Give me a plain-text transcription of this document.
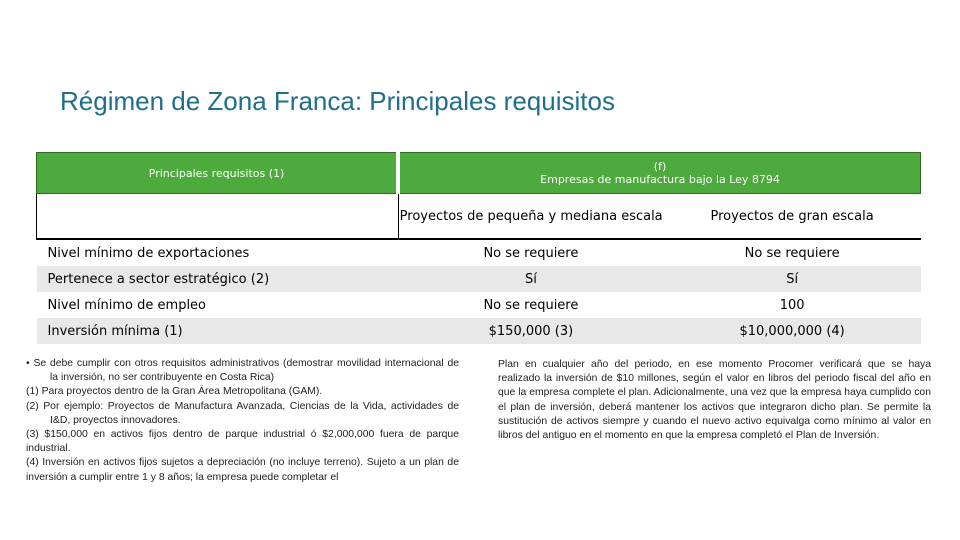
Régimen de Zona Franca: Principales requisitos
Principales requisitos (1)	(f)
Empresas de manufactura bajo la Ley 8794	

	Proyectos de pequeña y mediana escala	Proyectos de gran escala
Nivel mínimo de exportaciones	No se requiere	No se requiere
Pertenece a sector estratégico (2)	Sí	Sí
Nivel mínimo de empleo	No se requiere	100
Inversión mínima (1)	$150,000 (3)	$10,000,000 (4)

• Se debe cumplir con otros requisitos administrativos (demostrar movilidad internacional de la inversión, no ser contribuyente en Costa Rica)

(1) Para proyectos dentro de la Gran Área Metropolitana (GAM).

(2) Por ejemplo: Proyectos de Manufactura Avanzada, Ciencias de la Vida, actividades de I&D, proyectos innovadores.

(3) $150,000 en activos fijos dentro de parque industrial ó $2,000,000 fuera de parque industrial.

(4) Inversión en activos fijos sujetos a depreciación (no incluye terreno). Sujeto a un plan de inversión a cumplir entre 1 y 8 años; la empresa puede completar el

Plan en cualquier año del periodo, en ese momento Procomer verificará que se haya realizado la inversión de $10 millones, según el valor en libros del periodo fiscal del año en que la empresa complete el plan. Adicionalmente, una vez que la empresa haya cumplido con el plan de inversión, deberá mantener los activos que integraron dicho plan. Se permite la sustitución de activos siempre y cuando el nuevo activo equivalga como mínimo al valor en libros del antiguo en el momento en que la empresa completó el Plan de Inversión.
